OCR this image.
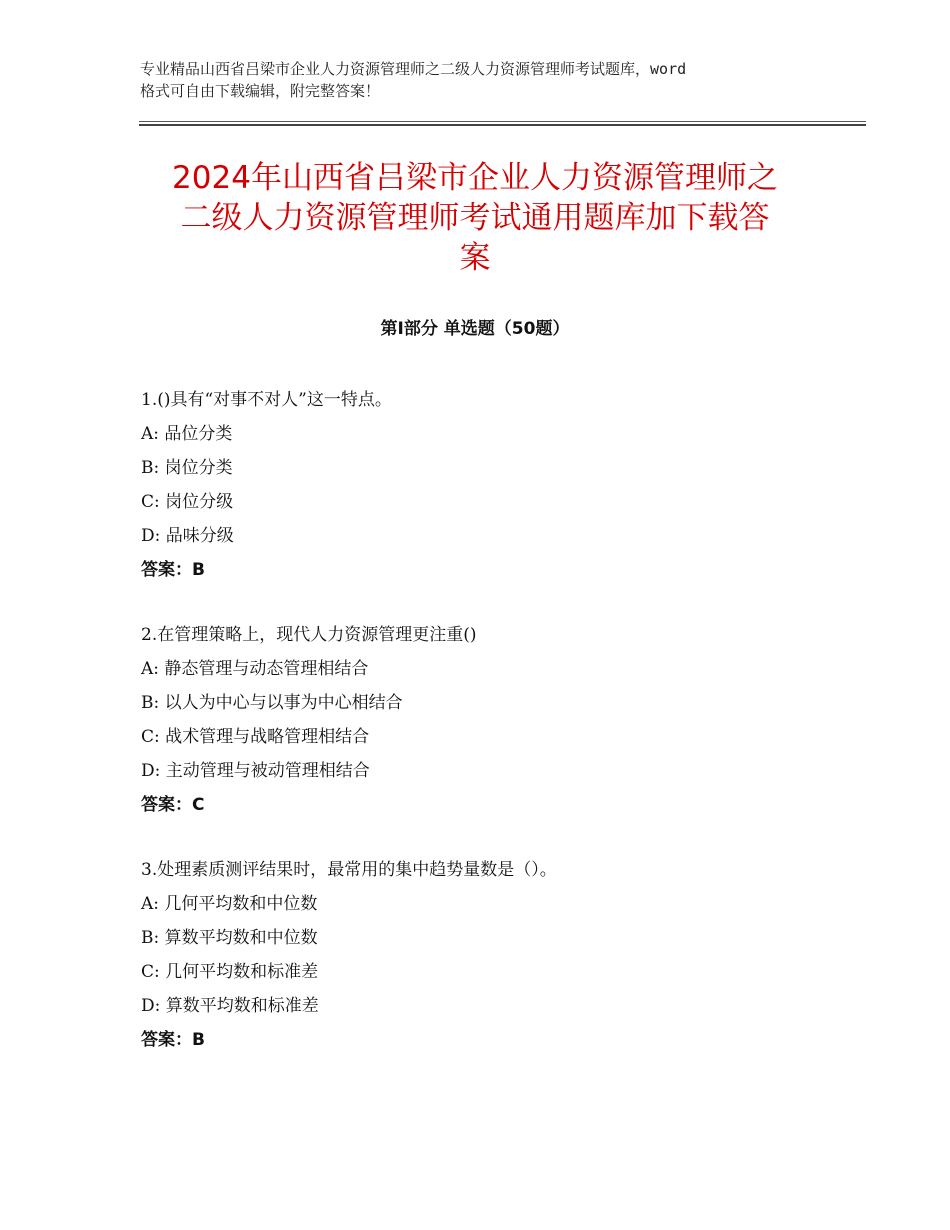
专业精品山西省吕梁市企业人力资源管理师之二级人力资源管理师考试题库，word
格式可自由下载编辑，附完整答案！
2024年山西省吕梁市企业人力资源管理师之
二级人力资源管理师考试通用题库加下载答
案
第Ⅰ部分 单选题（50题）
1.()具有“对事不对人”这一特点。
A: 品位分类
B: 岗位分类
C: 岗位分级
D: 品味分级
答案：B
2.在管理策略上，现代人力资源管理更注重()
A: 静态管理与动态管理相结合
B: 以人为中心与以事为中心相结合
C: 战术管理与战略管理相结合
D: 主动管理与被动管理相结合
答案：C
3.处理素质测评结果时，最常用的集中趋势量数是（）。
A: 几何平均数和中位数
B: 算数平均数和中位数
C: 几何平均数和标准差
D: 算数平均数和标准差
答案：B
